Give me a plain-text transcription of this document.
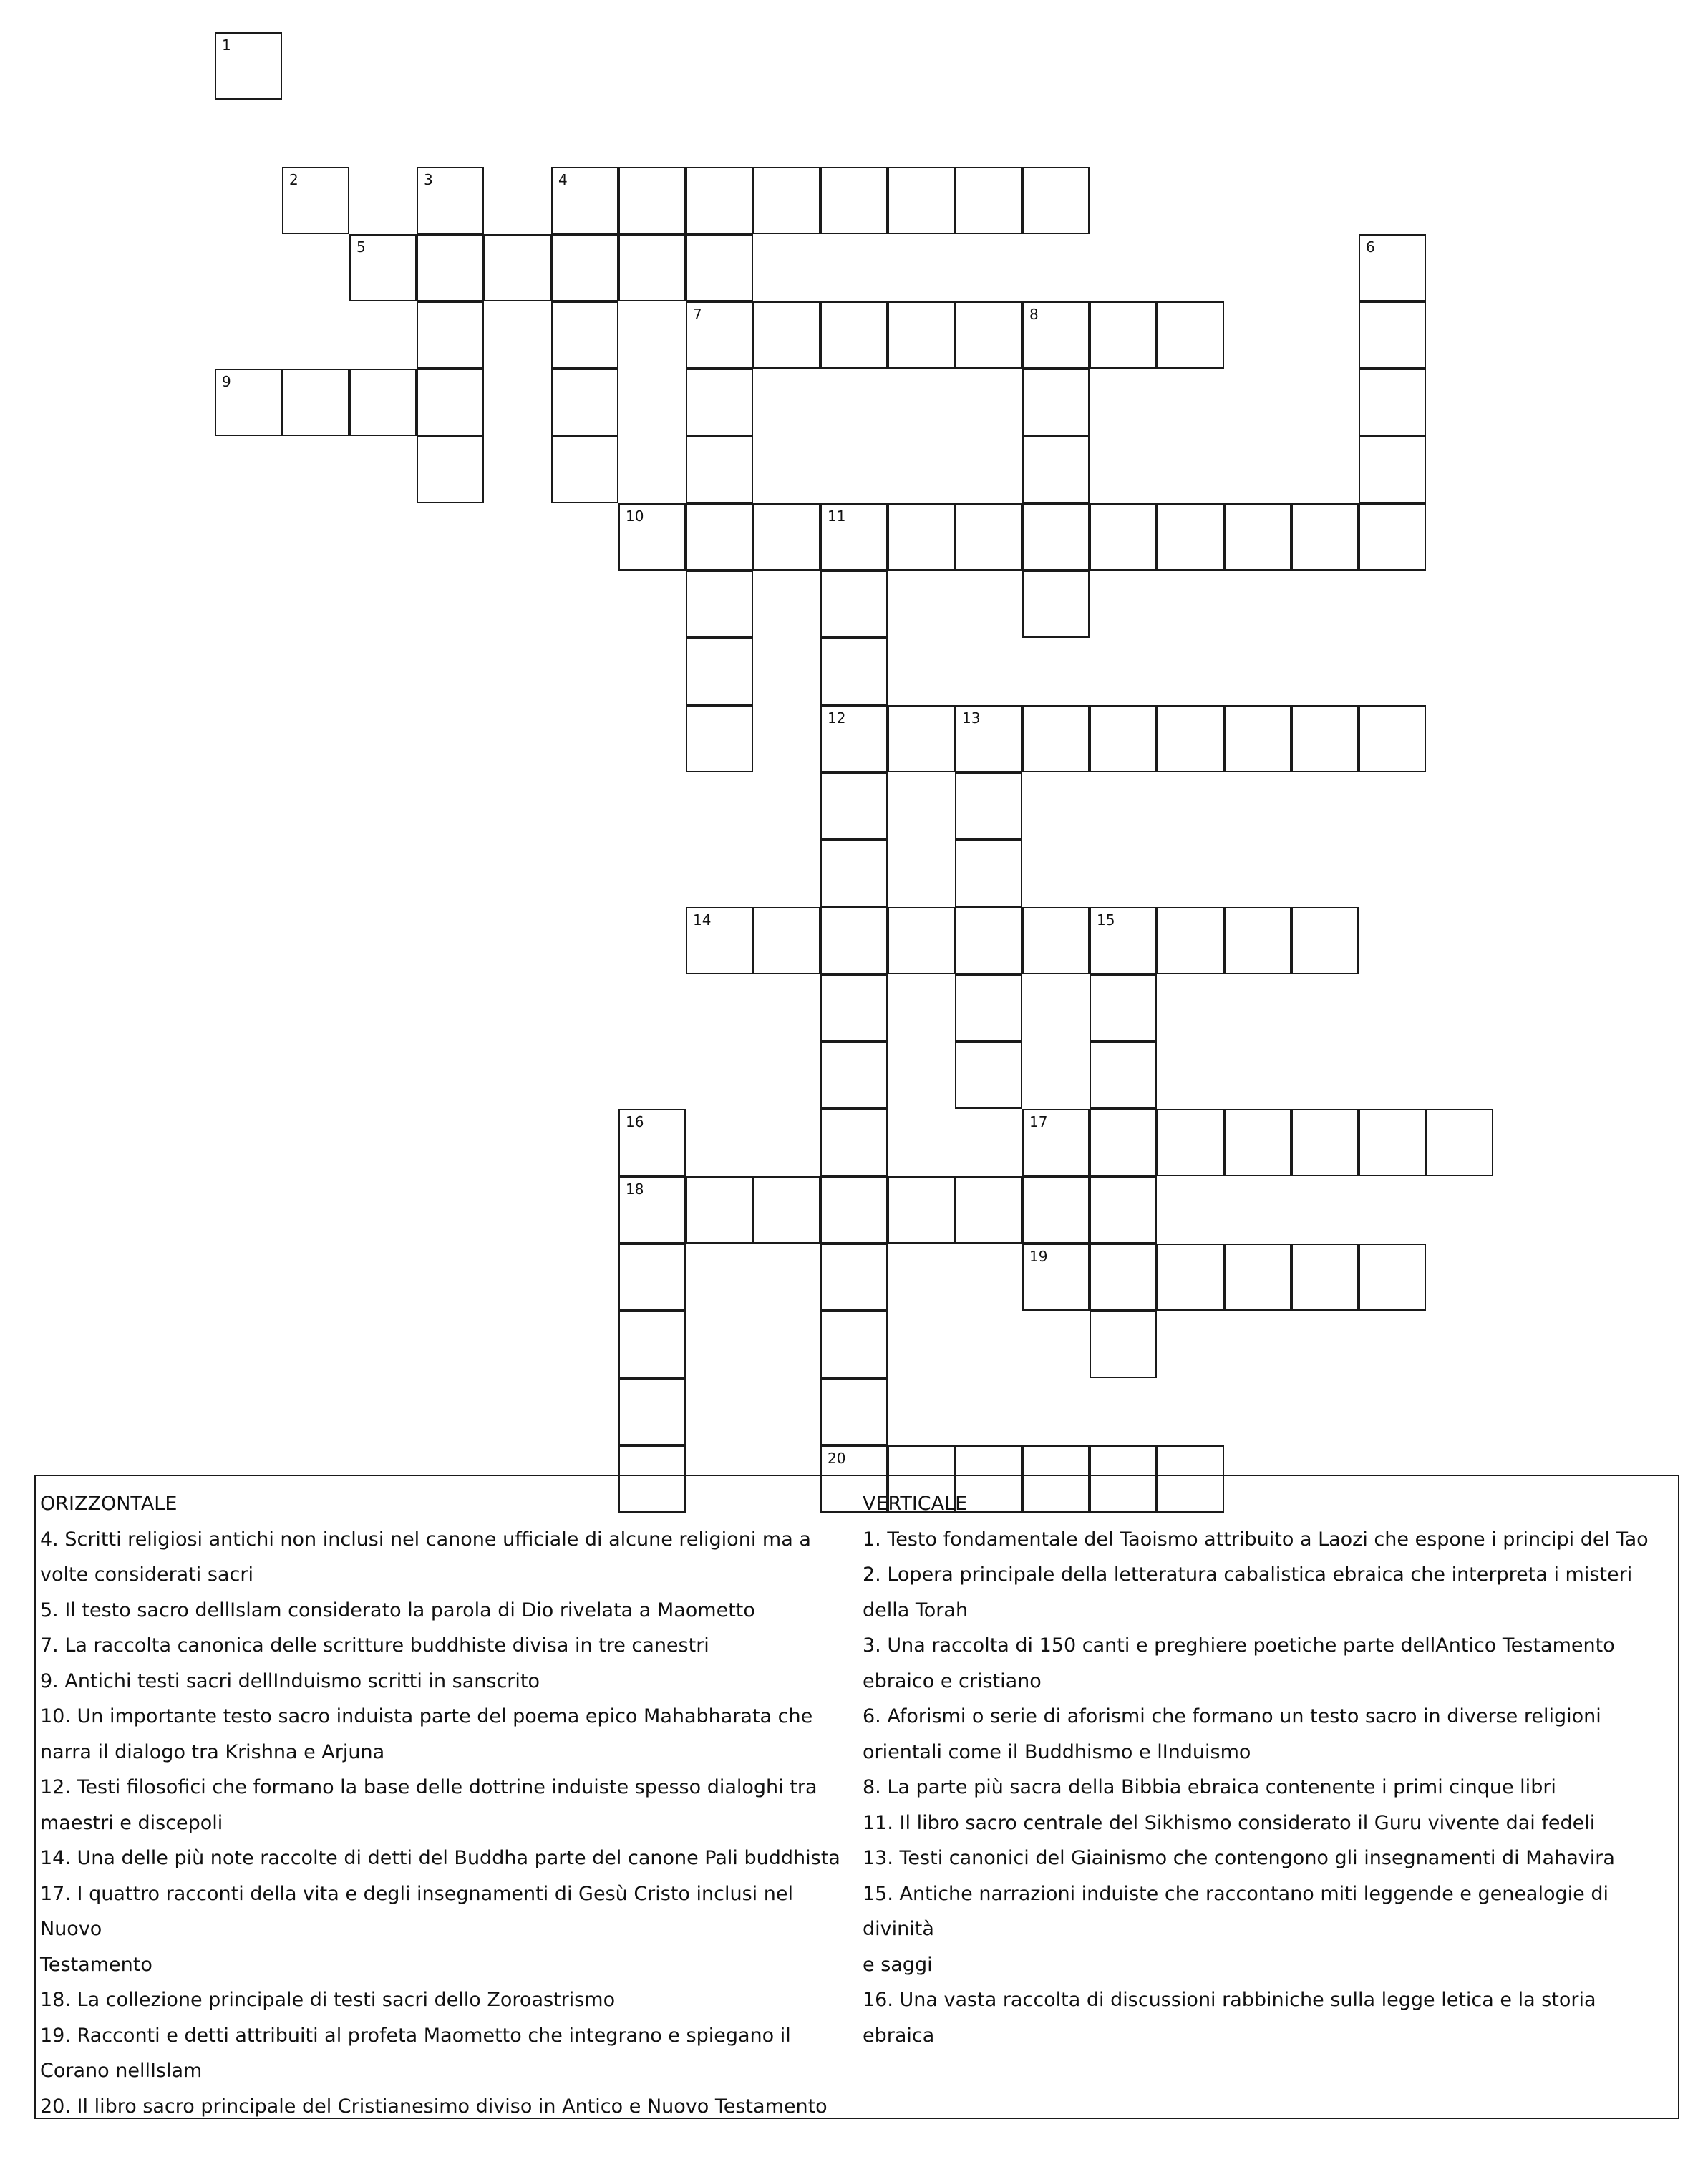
1
2	3	4
5	6
7	8
9
10	11
12	13
14	15
16	17
18
19
20
ORIZZONTALE
4. Scritti religiosi antichi non inclusi nel canone ufficiale di alcune religioni ma a
volte considerati sacri
5. Il testo sacro dellIslam considerato la parola di Dio rivelata a Maometto
7. La raccolta canonica delle scritture buddhiste divisa in tre canestri
9. Antichi testi sacri dellInduismo scritti in sanscrito
10. Un importante testo sacro induista parte del poema epico Mahabharata che
narra il dialogo tra Krishna e Arjuna
12. Testi filosofici che formano la base delle dottrine induiste spesso dialoghi tra
maestri e discepoli
14. Una delle più note raccolte di detti del Buddha parte del canone Pali buddhista
17. I quattro racconti della vita e degli insegnamenti di Gesù Cristo inclusi nel Nuovo
Testamento
18. La collezione principale di testi sacri dello Zoroastrismo
19. Racconti e detti attribuiti al profeta Maometto che integrano e spiegano il
Corano nellIslam
20. Il libro sacro principale del Cristianesimo diviso in Antico e Nuovo Testamento
VERTICALE
1. Testo fondamentale del Taoismo attribuito a Laozi che espone i principi del Tao
2. Lopera principale della letteratura cabalistica ebraica che interpreta i misteri
della Torah
3. Una raccolta di 150 canti e preghiere poetiche parte dellAntico Testamento
ebraico e cristiano
6. Aforismi o serie di aforismi che formano un testo sacro in diverse religioni
orientali come il Buddhismo e lInduismo
8. La parte più sacra della Bibbia ebraica contenente i primi cinque libri
11. Il libro sacro centrale del Sikhismo considerato il Guru vivente dai fedeli
13. Testi canonici del Giainismo che contengono gli insegnamenti di Mahavira
15. Antiche narrazioni induiste che raccontano miti leggende e genealogie di divinità
e saggi
16. Una vasta raccolta di discussioni rabbiniche sulla legge letica e la storia ebraica
